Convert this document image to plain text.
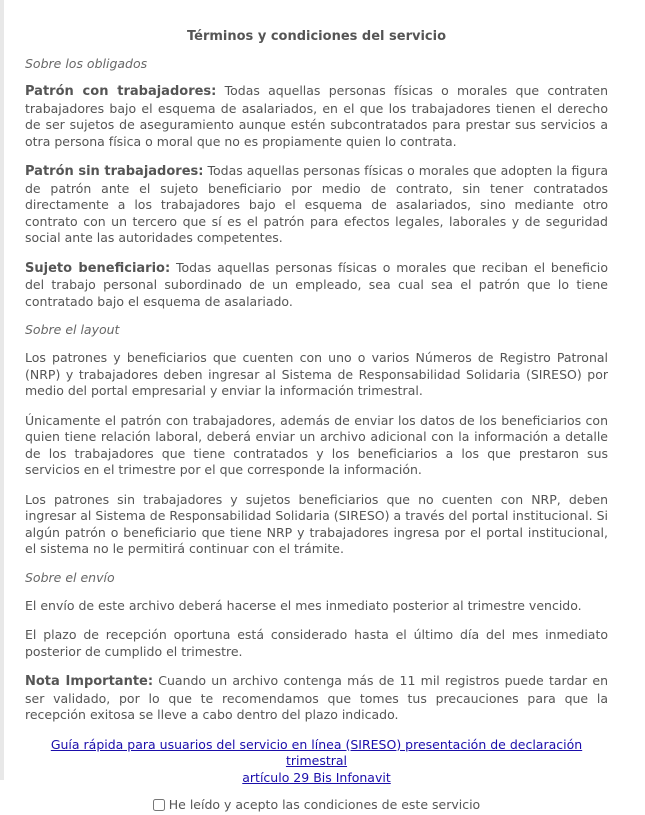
Términos y condiciones del servicio
Sobre los obligados

Patrón con trabajadores: Todas aquellas personas físicas o morales que contraten trabajadores bajo el esquema de asalariados, en el que los trabajadores tienen el derecho de ser sujetos de aseguramiento aunque estén subcontratados para prestar sus servicios a otra persona física o moral que no es propiamente quien lo contrata.

Patrón sin trabajadores: Todas aquellas personas físicas o morales que adopten la figura de patrón ante el sujeto beneficiario por medio de contrato, sin tener contratados directamente a los trabajadores bajo el esquema de asalariados, sino mediante otro contrato con un tercero que sí es el patrón para efectos legales, laborales y de seguridad social ante las autoridades competentes.

Sujeto beneficiario: Todas aquellas personas físicas o morales que reciban el beneficio del trabajo personal subordinado de un empleado, sea cual sea el patrón que lo tiene contratado bajo el esquema de asalariado.

Sobre el layout

Los patrones y beneficiarios que cuenten con uno o varios Números de Registro Patronal (NRP) y trabajadores deben ingresar al Sistema de Responsabilidad Solidaria (SIRESO) por medio del portal empresarial y enviar la información trimestral.

Únicamente el patrón con trabajadores, además de enviar los datos de los beneficiarios con quien tiene relación laboral, deberá enviar un archivo adicional con la información a detalle de los trabajadores que tiene contratados y los beneficiarios a los que prestaron sus servicios en el trimestre por el que corresponde la información.

Los patrones sin trabajadores y sujetos beneficiarios que no cuenten con NRP, deben ingresar al Sistema de Responsabilidad Solidaria (SIRESO) a través del portal institucional. Si algún patrón o beneficiario que tiene NRP y trabajadores ingresa por el portal institucional, el sistema no le permitirá continuar con el trámite.

Sobre el envío

El envío de este archivo deberá hacerse el mes inmediato posterior al trimestre vencido.

El plazo de recepción oportuna está considerado hasta el último día del mes inmediato posterior de cumplido el trimestre.

Nota Importante: Cuando un archivo contenga más de 11 mil registros puede tardar en ser validado, por lo que te recomendamos que tomes tus precauciones para que la recepción exitosa se lleve a cabo dentro del plazo indicado.

Guía rápida para usuarios del servicio en línea (SIRESO) presentación de declaración trimestral
artículo 29 Bis Infonavit
He leído y acepto las condiciones de este servicio
